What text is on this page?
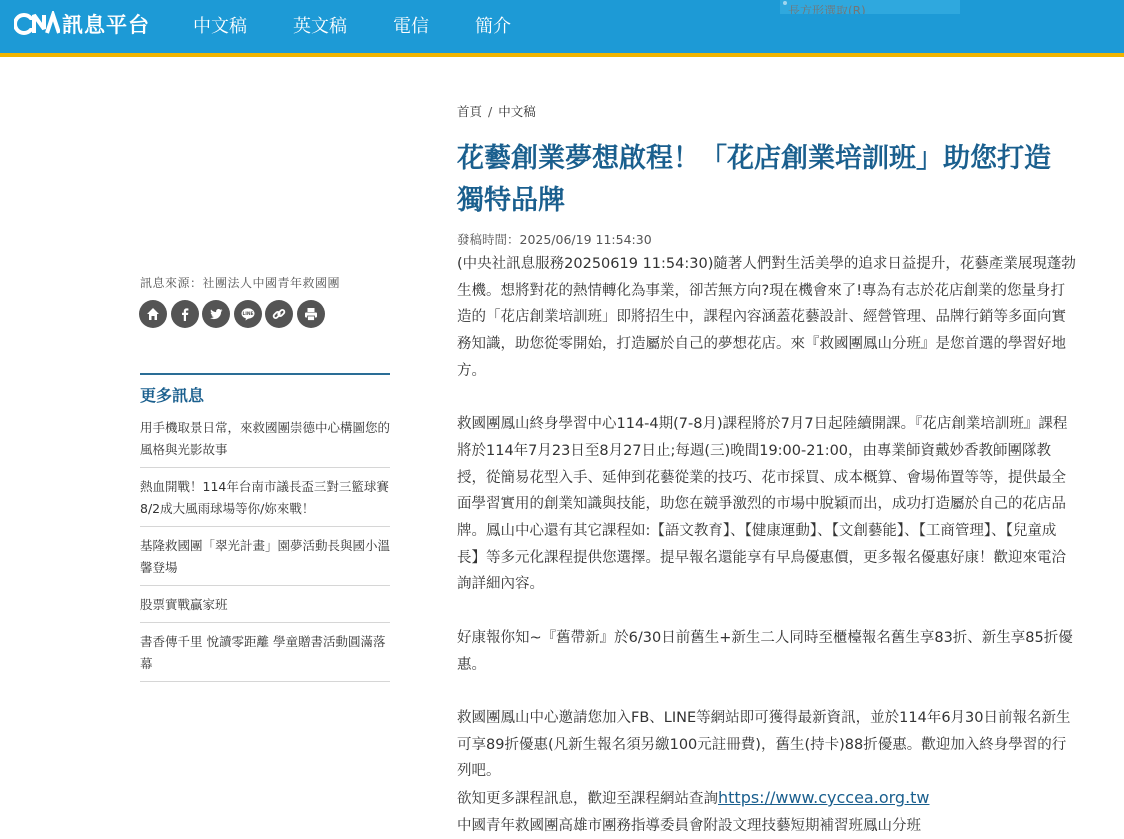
訊息平台	中文稿	英文稿	電信	簡介
長方形選取(R)
訊息來源：社團法人中國青年救國團
LINE
更多訊息
用手機取景日常，來救國團崇德中心構圖您的風格與光影故事
熱血開戰！114年台南市議長盃三對三籃球賽 8/2成大風雨球場等你/妳來戰！
基隆救國團「翠光計畫」園夢活動長與國小溫馨登場
股票實戰贏家班
書香傳千里 悅讀零距離 學童贈書活動圓滿落幕
首頁 / 中文稿
花藝創業夢想啟程！「花店創業培訓班」助您打造獨特品牌
發稿時間：2025/06/19 11:54:30

(中央社訊息服務20250619 11:54:30)隨著人們對生活美學的追求日益提升，花藝產業展現蓬勃生機。想將對花的熱情轉化為事業，卻苦無方向?現在機會來了!專為有志於花店創業的您量身打造的「花店創業培訓班」即將招生中，課程內容涵蓋花藝設計、經營管理、品牌行銷等多面向實務知識，助您從零開始，打造屬於自己的夢想花店。來『救國團鳳山分班』是您首選的學習好地方。

救國團鳳山終身學習中心114-4期(7-8月)課程將於7月7日起陸續開課。『花店創業培訓班』課程將於114年7月23日至8月27日止;每週(三)晚間19:00-21:00，由專業師資戴妙香教師團隊教授，從簡易花型入手、延伸到花藝從業的技巧、花市採買、成本概算、會場佈置等等，提供最全面學習實用的創業知識與技能，助您在競爭激烈的市場中脫穎而出，成功打造屬於自己的花店品牌。鳳山中心還有其它課程如:【語文教育】、【健康運動】、【文創藝能】、【工商管理】、【兒童成長】等多元化課程提供您選擇。提早報名還能享有早鳥優惠價，更多報名優惠好康！歡迎來電洽詢詳細內容。

好康報你知~『舊帶新』於6/30日前舊生+新生二人同時至櫃檯報名舊生享83折、新生享85折優惠。

救國團鳳山中心邀請您加入FB、LINE等網站即可獲得最新資訊，並於114年6月30日前報名新生可享89折優惠(凡新生報名須另繳100元註冊費)，舊生(持卡)88折優惠。歡迎加入終身學習的行列吧。

欲知更多課程訊息，歡迎至課程網站查詢https://www.cyccea.org.tw

中國青年救國團高雄市團務指導委員會附設文理技藝短期補習班鳳山分班
